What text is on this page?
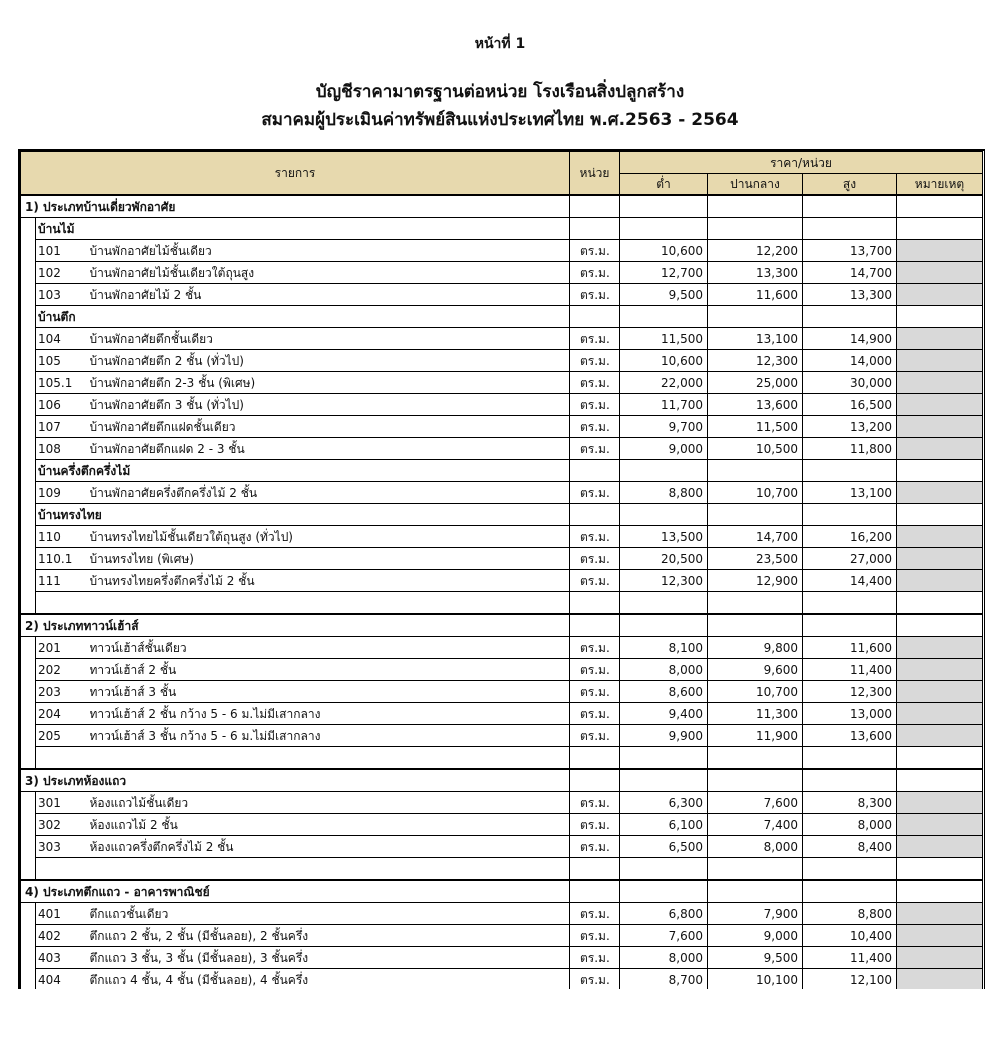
หน้าที่ 1
บัญชีราคามาตรฐานต่อหน่วย โรงเรือนสิ่งปลูกสร้าง
สมาคมผู้ประเมินค่าทรัพย์สินแห่งประเทศไทย พ.ศ.2563 - 2564
รายการ			หน่วย	ราคา/หน่วย			
				ต่ำ	ปานกลาง	สูง	หมายเหตุ
1) ประเภทบ้านเดี่ยวพักอาศัย							
	บ้านไม้						
	101	บ้านพักอาศัยไม้ชั้นเดียว	ตร.ม.	10,600	12,200	13,700	
	102	บ้านพักอาศัยไม้ชั้นเดียวใต้ถุนสูง	ตร.ม.	12,700	13,300	14,700	
	103	บ้านพักอาศัยไม้ 2 ชั้น	ตร.ม.	9,500	11,600	13,300	
	บ้านตึก						
	104	บ้านพักอาศัยตึกชั้นเดียว	ตร.ม.	11,500	13,100	14,900	
	105	บ้านพักอาศัยตึก 2 ชั้น (ทั่วไป)	ตร.ม.	10,600	12,300	14,000	
	105.1	บ้านพักอาศัยตึก 2-3 ชั้น (พิเศษ)	ตร.ม.	22,000	25,000	30,000	
	106	บ้านพักอาศัยตึก 3 ชั้น (ทั่วไป)	ตร.ม.	11,700	13,600	16,500	
	107	บ้านพักอาศัยตึกแฝดชั้นเดียว	ตร.ม.	9,700	11,500	13,200	
	108	บ้านพักอาศัยตึกแฝด 2 - 3 ชั้น	ตร.ม.	9,000	10,500	11,800	
	บ้านครึ่งตึกครึ่งไม้						
	109	บ้านพักอาศัยครึ่งตึกครึ่งไม้ 2 ชั้น	ตร.ม.	8,800	10,700	13,100	
	บ้านทรงไทย						
	110	บ้านทรงไทยไม้ชั้นเดียวใต้ถุนสูง (ทั่วไป)	ตร.ม.	13,500	14,700	16,200	
	110.1	บ้านทรงไทย (พิเศษ)	ตร.ม.	20,500	23,500	27,000	
	111	บ้านทรงไทยครึ่งตึกครึ่งไม้ 2 ชั้น	ตร.ม.	12,300	12,900	14,400	

2) ประเภททาวน์เฮ้าส์							
	201	ทาวน์เฮ้าส์ชั้นเดียว	ตร.ม.	8,100	9,800	11,600	
	202	ทาวน์เฮ้าส์ 2 ชั้น	ตร.ม.	8,000	9,600	11,400	
	203	ทาวน์เฮ้าส์ 3 ชั้น	ตร.ม.	8,600	10,700	12,300	
	204	ทาวน์เฮ้าส์ 2 ชั้น กว้าง 5 - 6 ม.ไม่มีเสากลาง	ตร.ม.	9,400	11,300	13,000	
	205	ทาวน์เฮ้าส์ 3 ชั้น กว้าง 5 - 6 ม.ไม่มีเสากลาง	ตร.ม.	9,900	11,900	13,600	

3) ประเภทห้องแถว							
	301	ห้องแถวไม้ชั้นเดียว	ตร.ม.	6,300	7,600	8,300	
	302	ห้องแถวไม้ 2 ชั้น	ตร.ม.	6,100	7,400	8,000	
	303	ห้องแถวครึ่งตึกครึ่งไม้ 2 ชั้น	ตร.ม.	6,500	8,000	8,400	

4) ประเภทตึกแถว - อาคารพาณิชย์							
	401	ตึกแถวชั้นเดียว	ตร.ม.	6,800	7,900	8,800	
	402	ตึกแถว 2 ชั้น, 2 ชั้น (มีชั้นลอย), 2 ชั้นครึ่ง	ตร.ม.	7,600	9,000	10,400	
	403	ตึกแถว 3 ชั้น, 3 ชั้น (มีชั้นลอย), 3 ชั้นครึ่ง	ตร.ม.	8,000	9,500	11,400	
	404	ตึกแถว 4 ชั้น, 4 ชั้น (มีชั้นลอย), 4 ชั้นครึ่ง	ตร.ม.	8,700	10,100	12,100	
